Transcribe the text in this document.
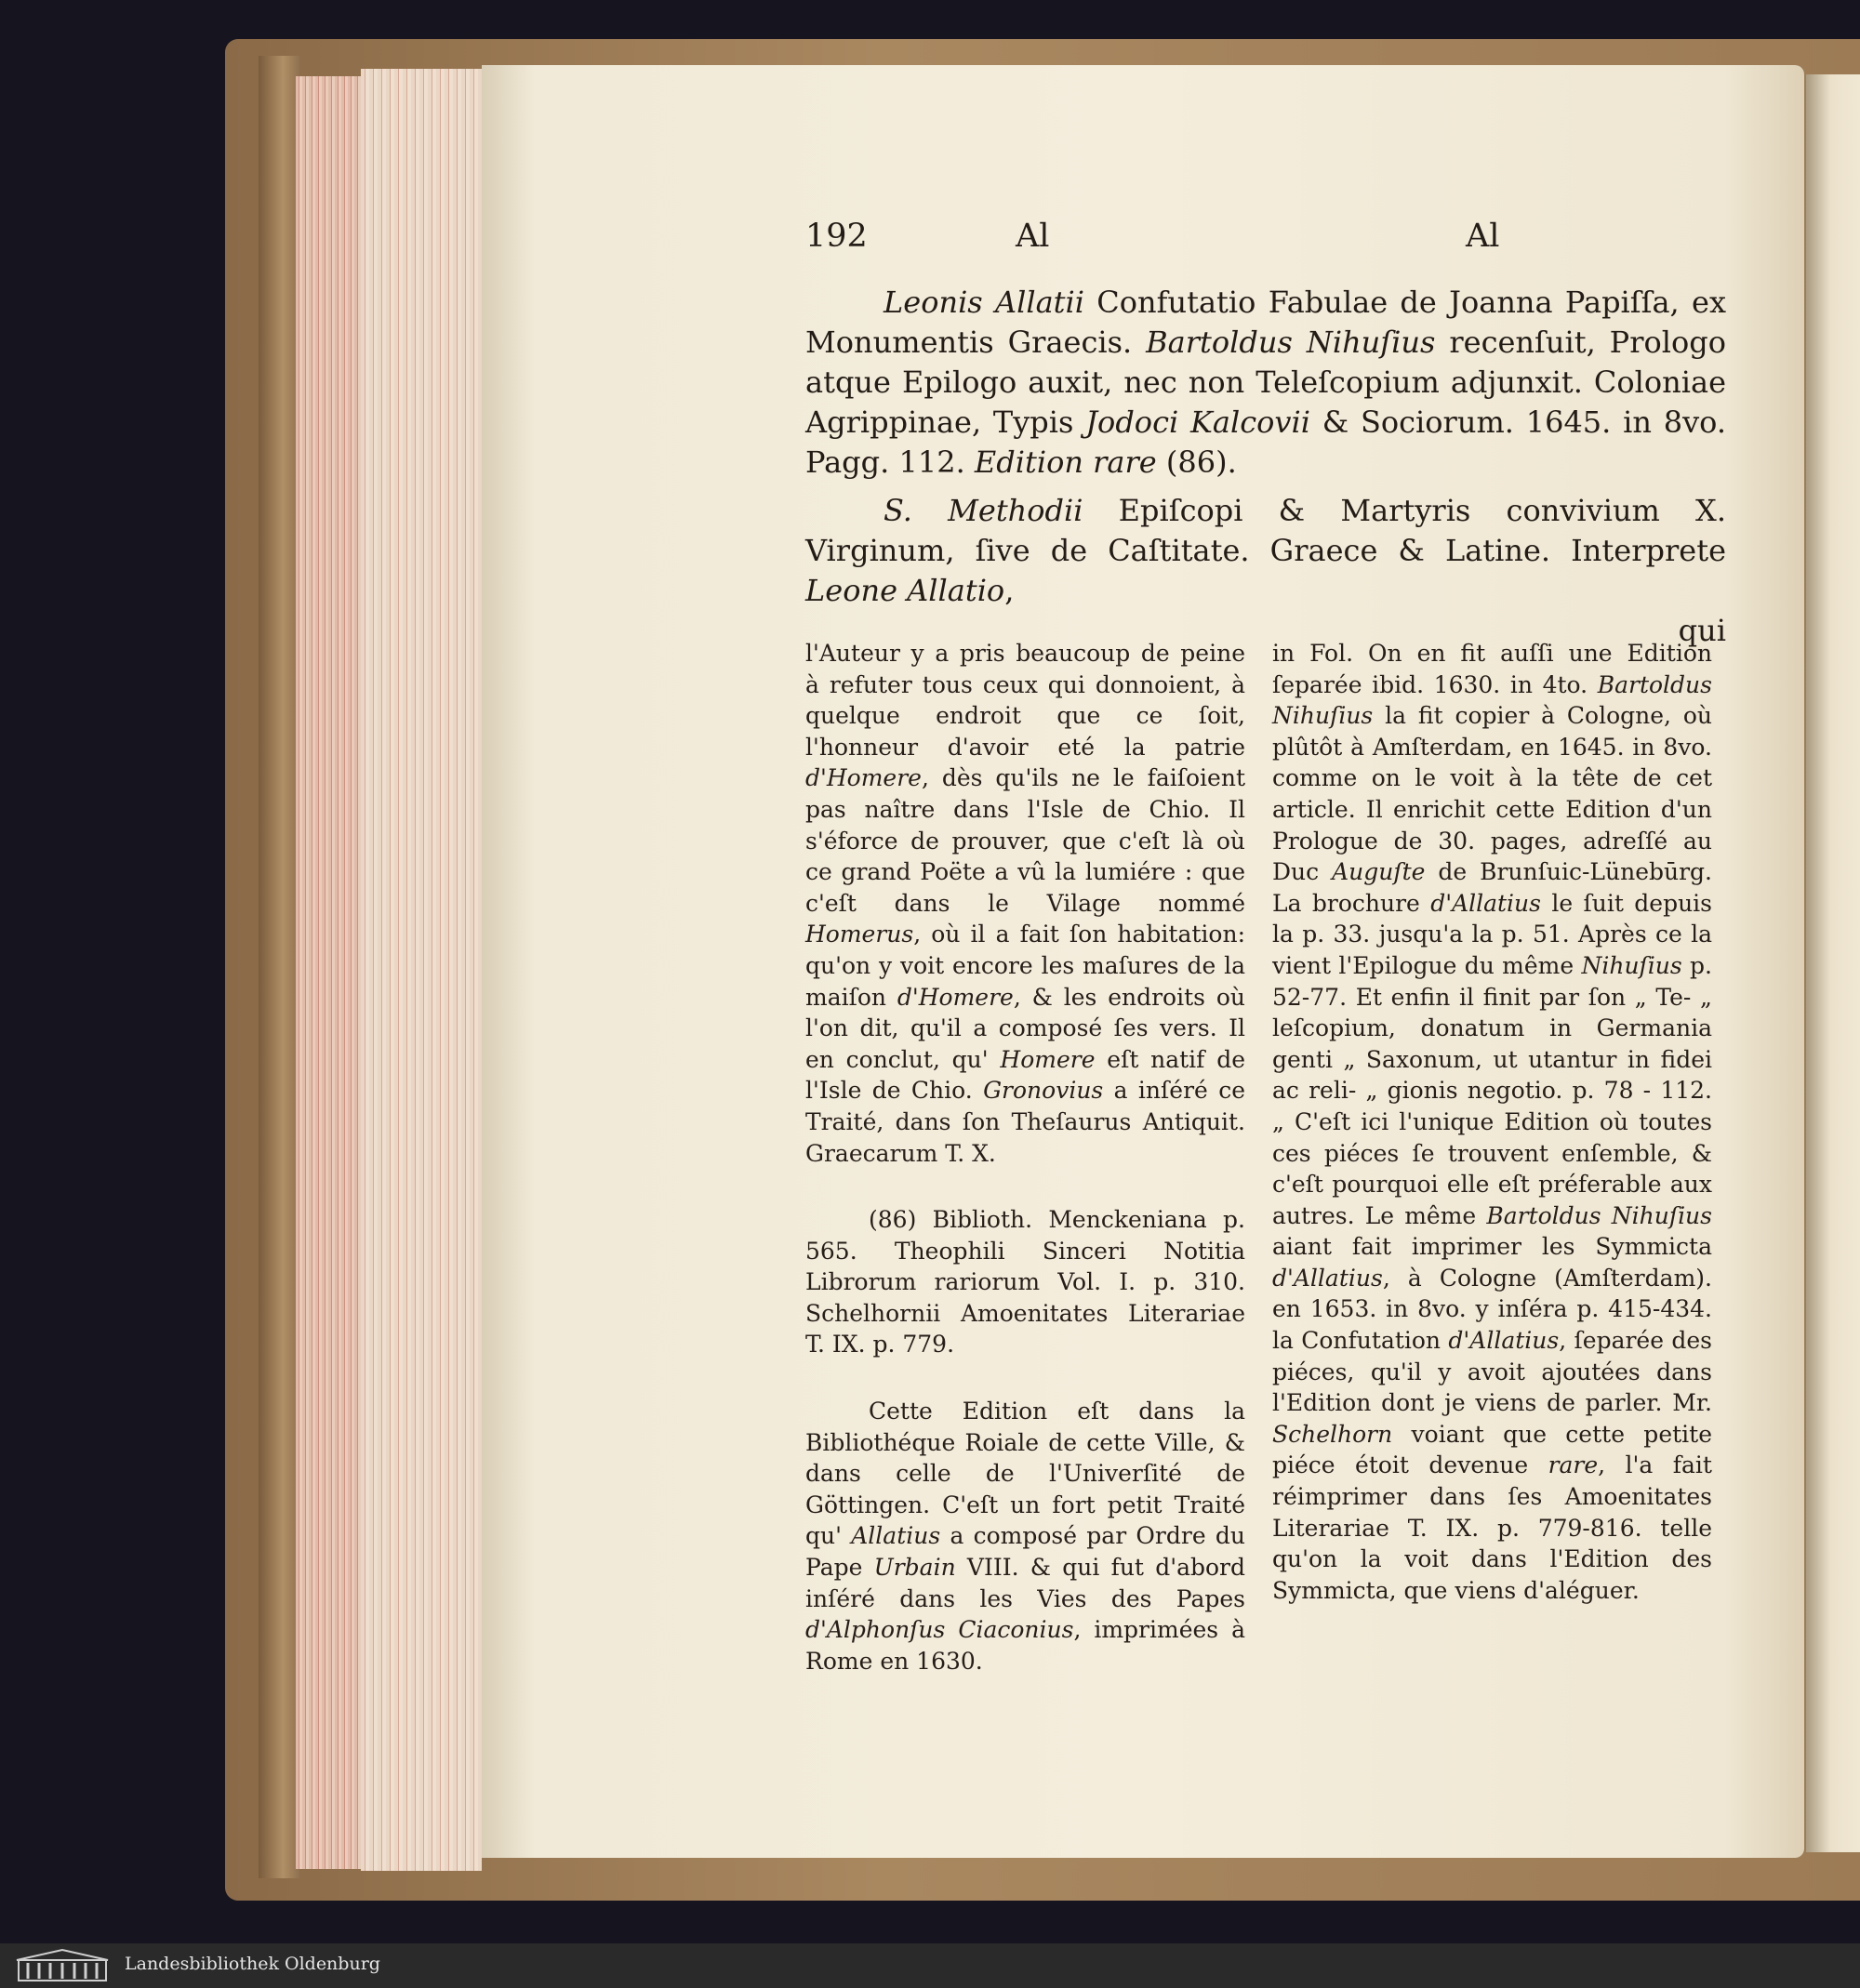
192	Al	Al

Leonis Allatii Confutatio Fabulae de Joanna Papiſſa, ex Monumentis Graecis. Bartoldus Nihuſius recenſuit, Prologo atque Epilogo auxit, nec non Teleſcopium adjunxit. Coloniae Agrippinae, Typis Jodoci Kalcovii & Sociorum. 1645. in 8vo. Pagg. 112. Edition rare (86).

S. Methodii Epiſcopi & Martyris convivium X. Virginum, ſive de Caſtitate. Graece & Latine. Interprete Leone Allatio,

qui

l'Auteur y a pris beaucoup de peine à refuter tous ceux qui donnoient, à quelque endroit que ce ſoit, l'honneur d'avoir eté la patrie d'Homere, dès qu'ils ne le faiſoient pas naître dans l'Isle de Chio. Il s'éforce de prouver, que c'eſt là où ce grand Poëte a vû la lumiére : que c'eſt dans le Vilage nommé Homerus, où il a fait ſon habitation: qu'on y voit encore les maſures de la maiſon d'Homere, & les endroits où l'on dit, qu'il a composé ſes vers. Il en conclut, qu' Homere eſt natif de l'Isle de Chio. Gronovius a inſéré ce Traité, dans ſon Theſaurus Antiquit. Graecarum T. X.

(86) Biblioth. Menckeniana p. 565. Theophili Sinceri Notitia Librorum rariorum Vol. I. p. 310. Schelhornii Amoenitates Literariae T. IX. p. 779.

Cette Edition eſt dans la Bibliothéque Roiale de cette Ville, & dans celle de l'Univerſité de Göttingen. C'eſt un fort petit Traité qu' Allatius a composé par Ordre du Pape Urbain VIII. & qui fut d'abord inſéré dans les Vies des Papes d'Alphonſus Ciaconius, imprimées à Rome en 1630.

in Fol. On en fit auſſi une Edition ſeparée ibid. 1630. in 4to. Bartoldus Nihuſius la fit copier à Cologne, où plûtôt à Amſterdam, en 1645. in 8vo. comme on le voit à la tête de cet article. Il enrichit cette Edition d'un Prologue de 30. pages, adreſſé au Duc Auguſte de Brunſuic-Lünebūrg. La brochure d'Allatius le ſuit depuis la p. 33. jusqu'a la p. 51. Après ce la vient l'Epilogue du même Nihuſius p. 52-77. Et enfin il finit par ſon „ Te- „ leſcopium, donatum in Germania genti „ Saxonum, ut utantur in fidei ac reli- „ gionis negotio. p. 78 - 112. „ C'eſt ici l'unique Edition où toutes ces piéces ſe trouvent enſemble, & c'eſt pourquoi elle eſt préferable aux autres. Le même Bartoldus Nihuſius aiant fait imprimer les Symmicta d'Allatius, à Cologne (Amſterdam). en 1653. in 8vo. y inſéra p. 415-434. la Confutation d'Allatius, ſeparée des piéces, qu'il y avoit ajoutées dans l'Edition dont je viens de parler. Mr. Schelhorn voiant que cette petite piéce étoit devenue rare, l'a fait réimprimer dans ſes Amoenitates Literariae T. IX. p. 779-816. telle qu'on la voit dans l'Edition des Symmicta, que viens d'aléguer.

Landesbibliothek Oldenburg
